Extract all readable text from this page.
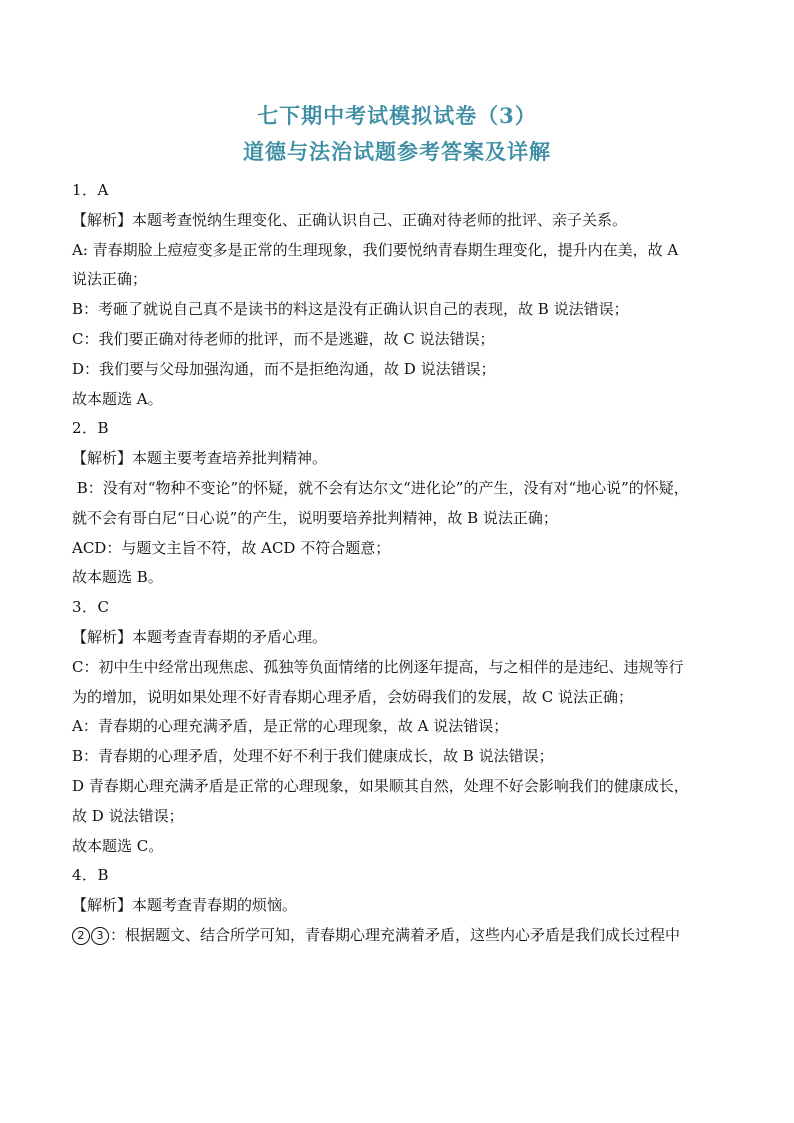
七下期中考试模拟试卷（3）
道德与法治试题参考答案及详解

1．A

【解析】本题考查悦纳生理变化、正确认识自己、正确对待老师的批评、亲子关系。

A: 青春期脸上痘痘变多是正常的生理现象，我们要悦纳青春期生理变化，提升内在美，故 A

说法正确；

B：考砸了就说自己真不是读书的料这是没有正确认识自己的表现，故 B 说法错误；

C：我们要正确对待老师的批评，而不是逃避，故 C 说法错误；

D：我们要与父母加强沟通，而不是拒绝沟通，故 D 说法错误；

故本题选 A。

2．B

【解析】本题主要考查培养批判精神。

B：没有对“物种不变论”的怀疑，就不会有达尔文“进化论”的产生，没有对“地心说”的怀疑，

就不会有哥白尼“日心说”的产生，说明要培养批判精神，故 B 说法正确；

ACD：与题文主旨不符，故 ACD 不符合题意；

故本题选 B。

3．C

【解析】本题考查青春期的矛盾心理。

C：初中生中经常出现焦虑、孤独等负面情绪的比例逐年提高，与之相伴的是违纪、违规等行

为的增加，说明如果处理不好青春期心理矛盾，会妨碍我们的发展，故 C 说法正确；

A：青春期的心理充满矛盾，是正常的心理现象，故 A 说法错误；

B：青春期的心理矛盾，处理不好不利于我们健康成长，故 B 说法错误；

D 青春期心理充满矛盾是正常的心理现象，如果顺其自然，处理不好会影响我们的健康成长，

故 D 说法错误；

故本题选 C。

4．B

【解析】本题考查青春期的烦恼。

2 3 ：根据题文、结合所学可知，青春期心理充满着矛盾，这些内心矛盾是我们成长过程中
